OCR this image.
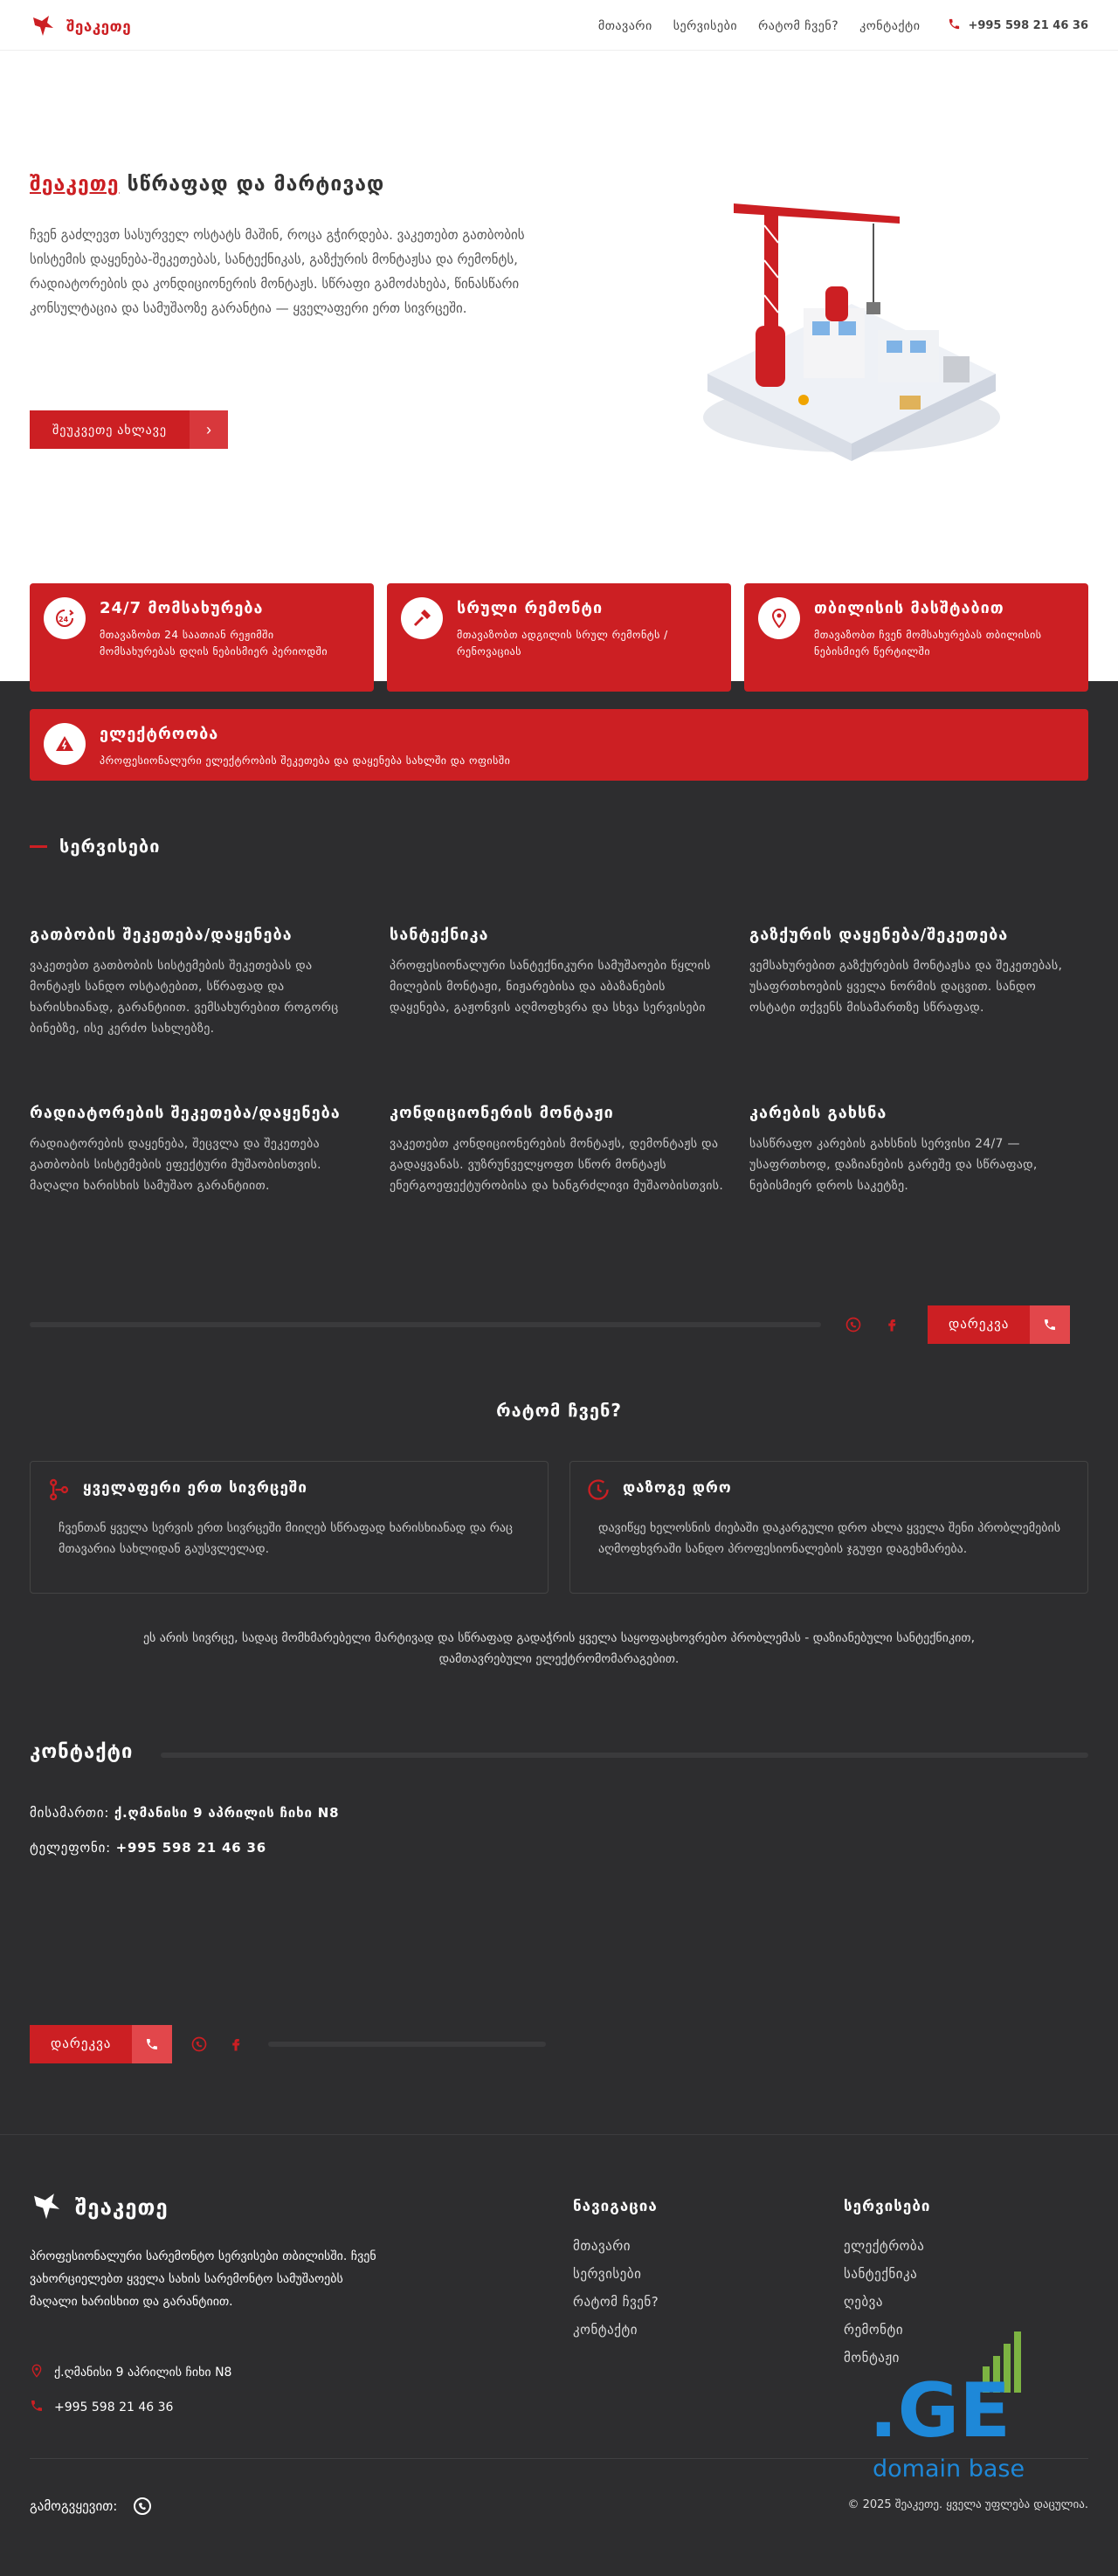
შეაკეთე	მთავარი სერვისები რატომ ჩვენ? კონტაქტი	+995 598 21 46 36
შეაკეთე სწრაფად და მარტივად

ჩვენ გაძლევთ სასურველ ოსტატს მაშინ, როცა გჭირდება. ვაკეთებთ გათბობის სისტემის დაყენება-შეკეთებას, სანტექნიკას, გაზქურის მონტაჟსა და რემონტს, რადიატორების და კონდიციონერის მონტაჟს. სწრაფი გამოძახება, წინასწარი კონსულტაცია და სამუშაოზე გარანტია — ყველაფერი ერთ სივრცეში.

შეუკვეთე ახლავე	›
24
24/7 მომსახურება
მთავაზობთ 24 საათიან რეჟიმში მომსახურებას დღის ნებისმიერ პერიოდში
სრული რემონტი
მთავაზობთ ადგილის სრულ რემონტს / რენოვაციას
თბილისის მასშტაბით
მთავაზობთ ჩვენ მომსახურებას თბილისის ნებისმიერ წერტილში
ელექტროობა
პროფესიონალური ელექტრობის შეკეთება და დაყენება სახლში და ოფისში
სერვისები
გათბობის შეკეთება/დაყენება
ვაკეთებთ გათბობის სისტემების შეკეთებას და მონტაჟს სანდო ოსტატებით, სწრაფად და ხარისხიანად, გარანტიით. ვემსახურებით როგორც ბინებზე, ისე კერძო სახლებზე.
სანტექნიკა
პროფესიონალური სანტექნიკური სამუშაოები წყლის მილების მონტაჟი, ნიჟარებისა და აბაზანების დაყენება, გაჟონვის აღმოფხვრა და სხვა სერვისები
გაზქურის დაყენება/შეკეთება
ვემსახურებით გაზქურების მონტაჟსა და შეკეთებას, უსაფრთხოების ყველა ნორმის დაცვით. სანდო ოსტატი თქვენს მისამართზე სწრაფად.
რადიატორების შეკეთება/დაყენება
რადიატორების დაყენება, შეცვლა და შეკეთება გათბობის სისტემების ეფექტური მუშაობისთვის. მაღალი ხარისხის სამუშაო გარანტიით.
კონდიციონერის მონტაჟი
ვაკეთებთ კონდიციონერების მონტაჟს, დემონტაჟს და გადაყვანას. ვუზრუნველყოფთ სწორ მონტაჟს ენერგოეფექტურობისა და ხანგრძლივი მუშაობისთვის.
კარების გახსნა
სასწრაფო კარების გახსნის სერვისი 24/7 — უსაფრთხოდ, დაზიანების გარეშე და სწრაფად, ნებისმიერ დროს საკეტზე.
დარეკვა
რატომ ჩვენ?
ყველაფერი ერთ სივრცეში
ჩვენთან ყველა სერვის ერთ სივრცეში მიიღებ სწრაფად ხარისხიანად და რაც მთავარია სახლიდან გაუსვლელად.
დაზოგე დრო
დავიწყე ხელოსნის ძიებაში დაკარგული დრო ახლა ყველა შენი პრობლემების აღმოფხვრაში სანდო პროფესიონალების ჯგუფი დაგეხმარება.

ეს არის სივრცე, სადაც მომხმარებელი მარტივად და სწრაფად გადაჭრის ყველა საყოფაცხოვრებო პრობლემას - დაზიანებული სანტექნიკით, დამთავრებული ელექტრომომარაგებით.

კონტაქტი
მისამართი: ქ.ღმანისი 9 აპრილის ჩიხი N8
ტელეფონი: +995 598 21 46 36
დარეკვა
შეაკეთე

პროფესიონალური სარემონტო სერვისები თბილისში. ჩვენ ვახორციელებთ ყველა სახის სარემონტო სამუშაოებს მაღალი ხარისხით და გარანტიით.

ქ.ღმანისი 9 აპრილის ჩიხი N8
+995 598 21 46 36
ნავიგაცია
მთავარი
სერვისები
რატომ ჩვენ?
კონტაქტი
სერვისები
ელექტრობა
სანტექნიკა
ღებვა
რემონტი
მონტაჟი
გამოგვყევით:	© 2025 შეაკეთე. ყველა უფლება დაცულია.
.GE
domain base
